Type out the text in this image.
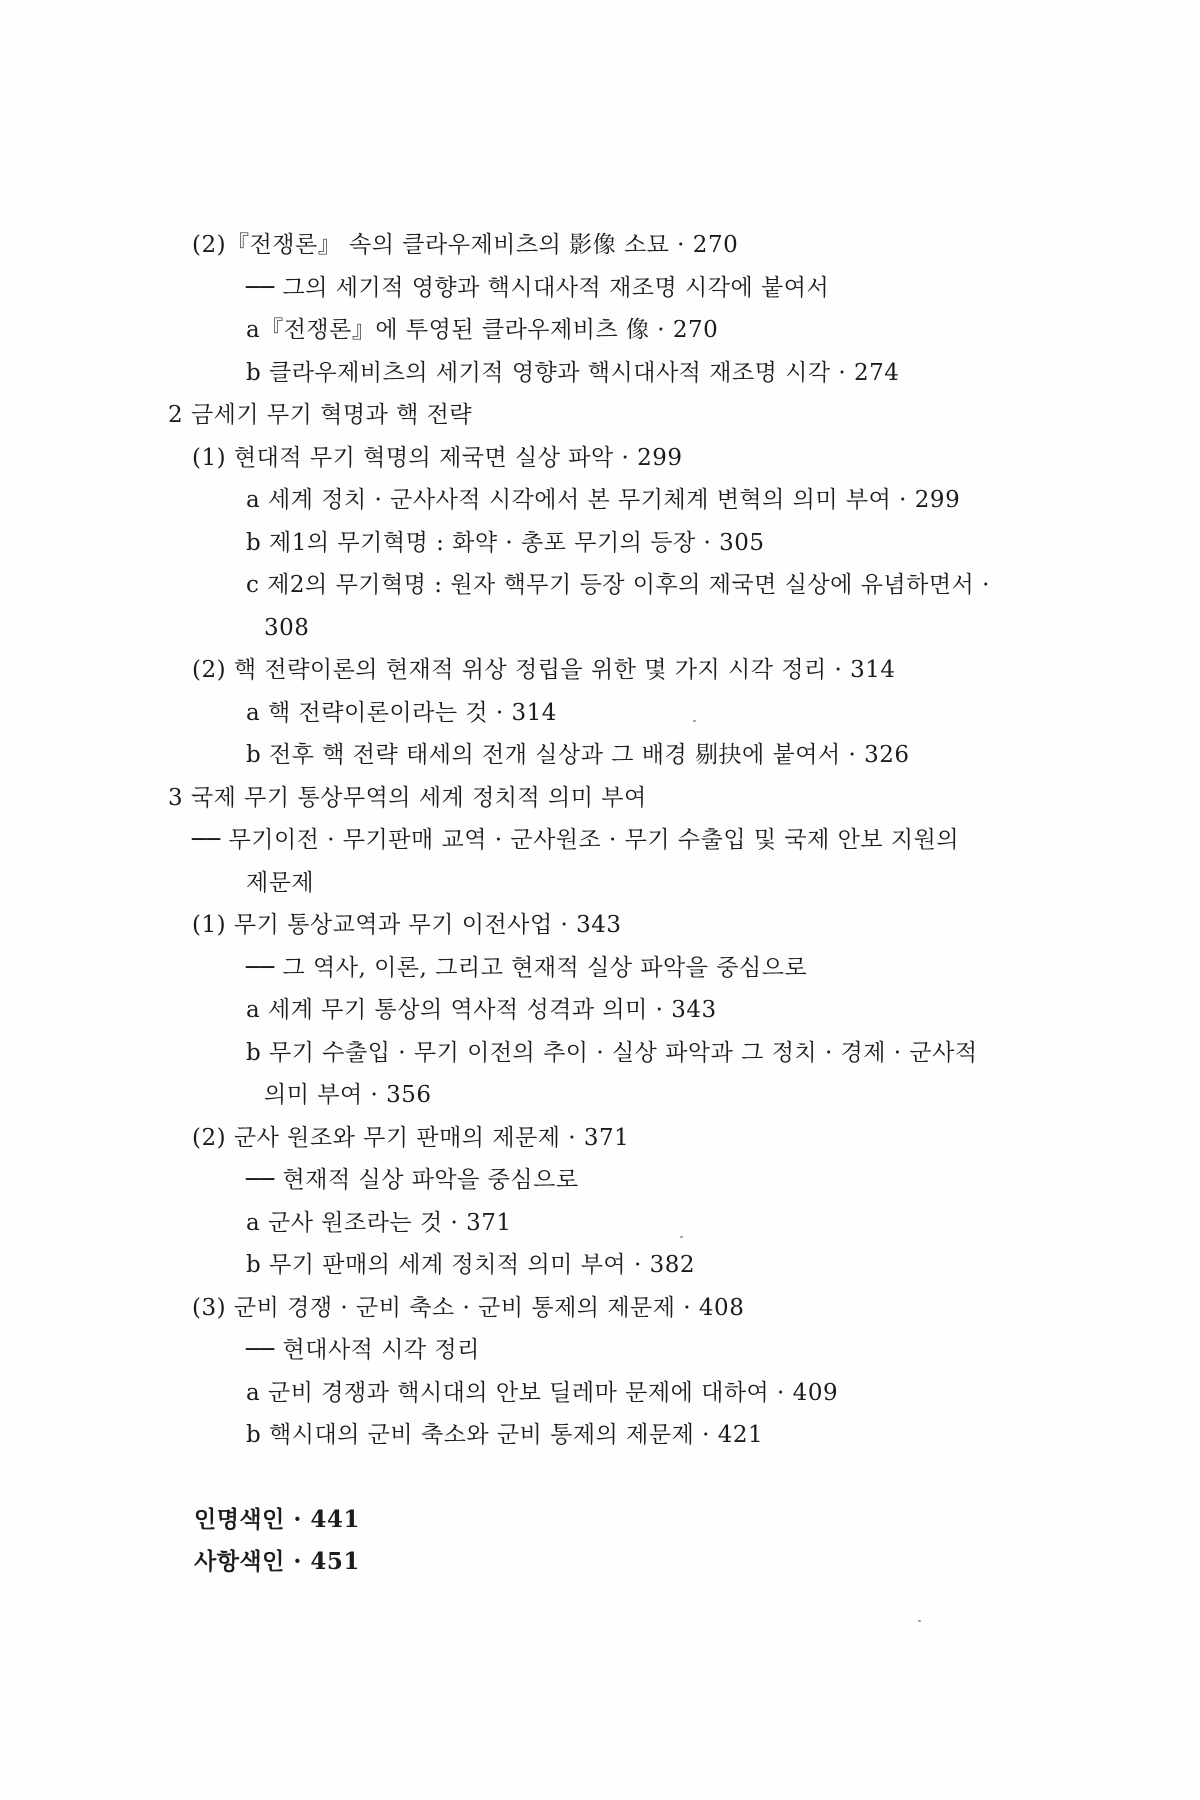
(2)『전쟁론』 속의 클라우제비츠의 影像 소묘 · 270
── 그의 세기적 영향과 핵시대사적 재조명 시각에 붙여서
a『전쟁론』에 투영된 클라우제비츠 像 · 270
b 클라우제비츠의 세기적 영향과 핵시대사적 재조명 시각 · 274
2 금세기 무기 혁명과 핵 전략
(1) 현대적 무기 혁명의 제국면 실상 파악 · 299
a 세계 정치 · 군사사적 시각에서 본 무기체계 변혁의 의미 부여 · 299
b 제1의 무기혁명 : 화약 · 총포 무기의 등장 · 305
c 제2의 무기혁명 : 원자 핵무기 등장 이후의 제국면 실상에 유념하면서 ·
308
(2) 핵 전략이론의 현재적 위상 정립을 위한 몇 가지 시각 정리 · 314
a 핵 전략이론이라는 것 · 314
b 전후 핵 전략 태세의 전개 실상과 그 배경 剔抉에 붙여서 · 326
3 국제 무기 통상무역의 세계 정치적 의미 부여
── 무기이전 · 무기판매 교역 · 군사원조 · 무기 수출입 및 국제 안보 지원의
제문제
(1) 무기 통상교역과 무기 이전사업 · 343
── 그 역사, 이론, 그리고 현재적 실상 파악을 중심으로
a 세계 무기 통상의 역사적 성격과 의미 · 343
b 무기 수출입 · 무기 이전의 추이 · 실상 파악과 그 정치 · 경제 · 군사적
의미 부여 · 356
(2) 군사 원조와 무기 판매의 제문제 · 371
── 현재적 실상 파악을 중심으로
a 군사 원조라는 것 · 371
b 무기 판매의 세계 정치적 의미 부여 · 382
(3) 군비 경쟁 · 군비 축소 · 군비 통제의 제문제 · 408
── 현대사적 시각 정리
a 군비 경쟁과 핵시대의 안보 딜레마 문제에 대하여 · 409
b 핵시대의 군비 축소와 군비 통제의 제문제 · 421
인명색인 · 441
사항색인 · 451
